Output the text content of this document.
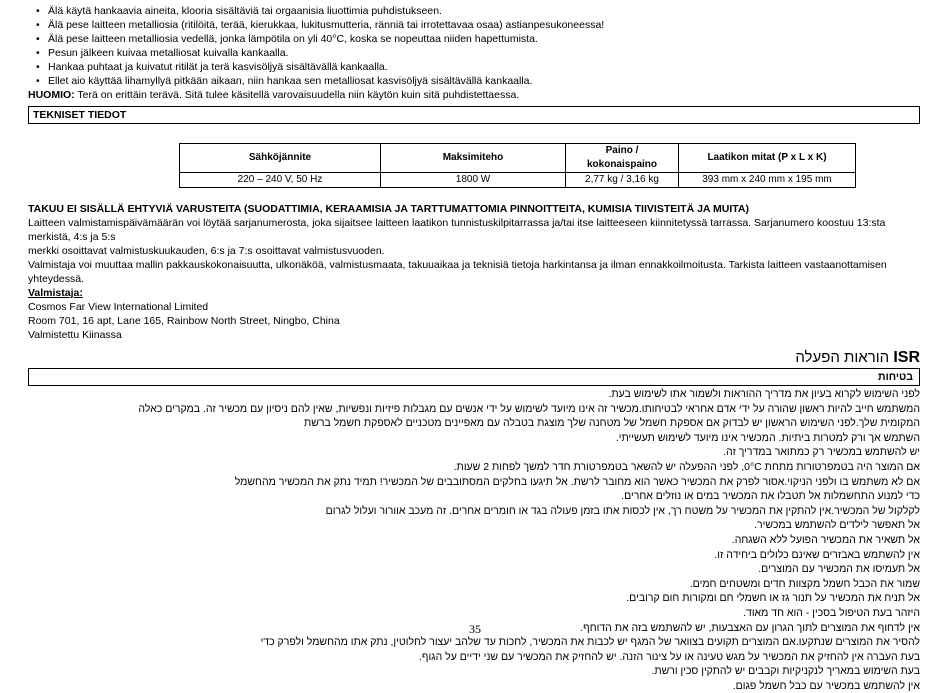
• Älä käytä hankaavia aineita, klooria sisältäviä tai orgaanisia liuottimia puhdistukseen.
• Älä pese laitteen metalliosia (ritilöitä, terää, kierukkaa, lukitusmutteria, ränniä tai irrotettavaa osaa) astianpesukoneessa!
• Älä pese laitteen metalliosia vedellä, jonka lämpötila on yli 40°C, koska se nopeuttaa niiden hapettumista.
• Pesun jälkeen kuivaa metalliosat kuivalla kankaalla.
• Hankaa puhtaat ja kuivatut ritilät ja terä kasvisöljyä sisältävällä kankaalla.
• Ellet aio käyttää lihamyllyä pitkään aikaan, niin hankaa sen metalliosat kasvisöljyä sisältävällä kankaalla.
HUOMIO: Terä on erittäin terävä. Sitä tulee käsitellä varovaisuudella niin käytön kuin sitä puhdistettaessa.
TEKNISET TIEDOT
Sähköjännite	Maksimiteho	Paino / kokonaispaino	Laatikon mitat (P x L x K)
220 – 240 V, 50 Hz	1800 W	2,77 kg / 3,16 kg	393 mm x 240 mm x 195 mm
TAKUU EI SISÄLLÄ EHTYVIÄ VARUSTEITA (SUODATTIMIA, KERAAMISIA JA TARTTUMATTOMIA PINNOITTEITA, KUMISIA TIIVISTEITÄ JA MUITA)
Laitteen valmistamispäivämäärän voi löytää sarjanumerosta, joka sijaitsee laitteen laatikon tunnistuskilpitarrassa ja/tai itse laitteeseen kiinnitetyssä tarrassa. Sarjanumero koostuu 13:sta merkistä, 4:s ja 5:s
merkki osoittavat valmistuskuukauden, 6:s ja 7:s osoittavat valmistusvuoden.
Valmistaja voi muuttaa mallin pakkauskokonaisuutta, ulkonäköä, valmistusmaata, takuuaikaa ja teknisiä tietoja harkintansa ja ilman ennakkoilmoitusta. Tarkista laitteen vastaanottamisen yhteydessä.
Valmistaja:
Cosmos Far View International Limited
Room 701, 16 apt, Lane 165, Rainbow North Street, Ningbo, China
Valmistettu Kiinassa
ISR הוראות הפעלה
בטיחות
לפני השימוש לקרוא בעיון את מדריך ההוראות ולשמור אתו לשימוש בעת.
המשתמש חייב להיות ראשון שהורה על ידי אדם אחראי לבטיחותו.מכשיר זה אינו מיועד לשימוש על ידי אנשים עם מגבלות פיזיות ונפשיות, שאין להם ניסיון עם מכשיר זה. במקרים כאלה
המקומית שלך.לפני השימוש הראשון יש לבדוק אם אספקת חשמל של מטחנה שלך מוצגת בטבלה עם מאפיינים מטכניים לאספקת חשמל ברשת
השתמש אך ורק למטרות ביתיות. המכשיר אינו מיועד לשימוש תעשייתי.
יש להשתמש במכשיר רק כמתואר במדריך זה.
אם המוצר היה בטמפרטורות מתחת 0°C, לפני ההפעלה יש להשאר בטמפרטורת חדר למשך לפחות 2 שעות.
אם לא משתמש בו ולפני הניקוי.אסור לפרק את המכשיר כאשר הוא מחובר לרשת. אל תיגעו בחלקים המסתובבים של המכשיר! תמיד נתק את המכשיר מהחשמל
כדי למנוע התחשמלות אל תטבלו את המכשיר במים או נוזלים אחרים.
לקלקול של המכשיר.אין להתקין את המכשיר על משטח רך, אין לכסות אתו בזמן פעולה בגד או חומרים אחרים. זה מעכב אוורור ועלול לגרום
אל תאפשר לילדים להשתמש במכשיר.
אל תשאיר את המכשיר הפועל ללא השגחה.
אין להשתמש באבזרים שאינם כלולים ביחידה זו.
אל תעמיסו את המכשיר עם המוצרים.
שמור את הכבל חשמל מקצוות חדים ומשטחים חמים.
אל תניח את המכשיר על תנור גז או חשמלי חם ומקורות חום קרובים.
היזהר בעת הטיפול בסכין - הוא חד מאוד.
אין לדחוף את המוצרים לתוך הגרון עם האצבעות, יש להשתמש בזה את הדוחף.
להסיר את המוצרים שנתקעו.אם המוצרים תקועים בצוואר של המגף יש לכבות את המכשיר, לחכות עד שלהב יעצור לחלוטין, נתק אתו מהחשמל ולפרק כדי
בעת העברה אין להחזיק את המכשיר על מגש טעינה או על צינור הזנה. יש להחזיק את המכשיר עם שני ידיים על הגוף.
בעת השימוש במאריך לנקניקיות וקבבים יש להתקין סכין ורשת.
אין להשתמש במכשיר עם כבל חשמל פגום.
35
